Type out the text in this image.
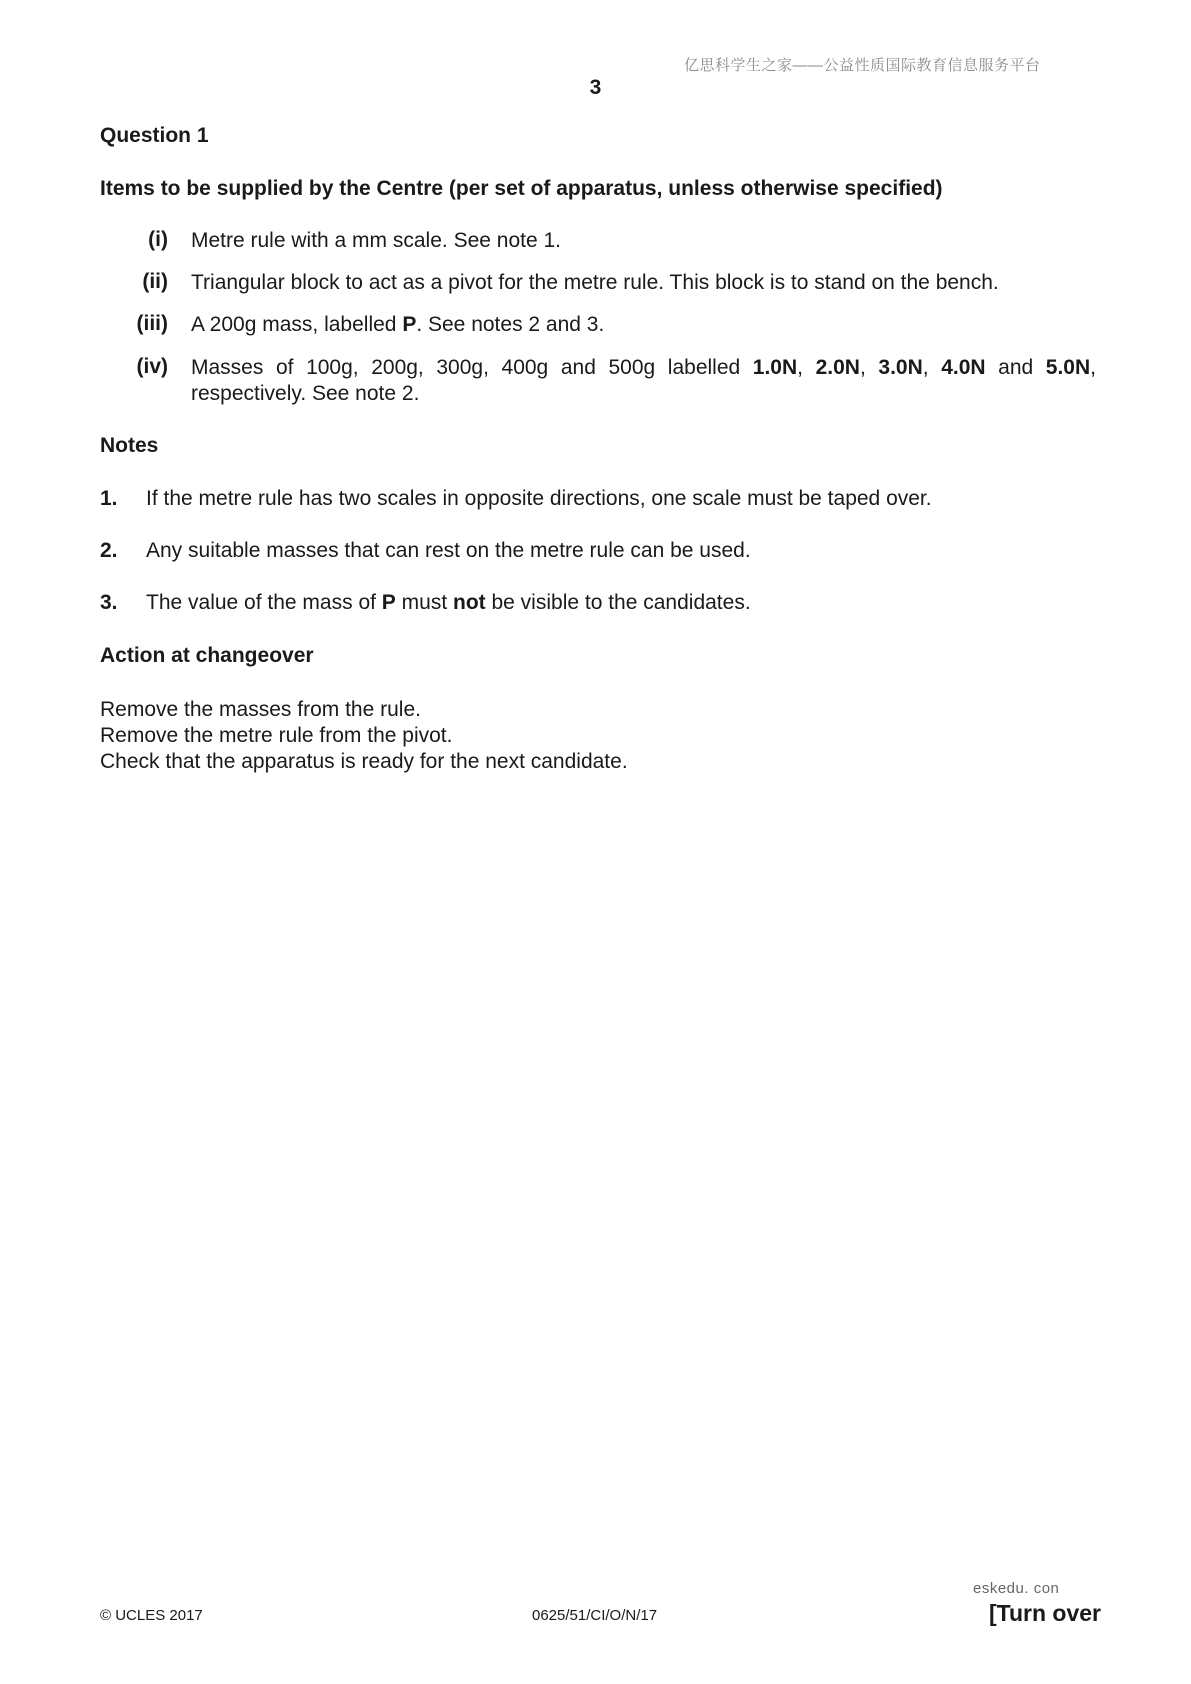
亿思科学生之家——公益性质国际教育信息服务平台
3
Question 1
Items to be supplied by the Centre (per set of apparatus, unless otherwise specified)
(i) Metre rule with a mm scale. See note 1.
(ii) Triangular block to act as a pivot for the metre rule. This block is to stand on the bench.
(iii) A 200g mass, labelled P. See notes 2 and 3.
(iv) Masses of 100g, 200g, 300g, 400g and 500g labelled 1.0N, 2.0N, 3.0N, 4.0N and 5.0N,
respectively. See note 2.
Notes
1. If the metre rule has two scales in opposite directions, one scale must be taped over.
2. Any suitable masses that can rest on the metre rule can be used.
3. The value of the mass of P must not be visible to the candidates.
Action at changeover
Remove the masses from the rule.
Remove the metre rule from the pivot.
Check that the apparatus is ready for the next candidate.
eskedu. con
© UCLES 2017	0625/51/CI/O/N/17	[Turn over
